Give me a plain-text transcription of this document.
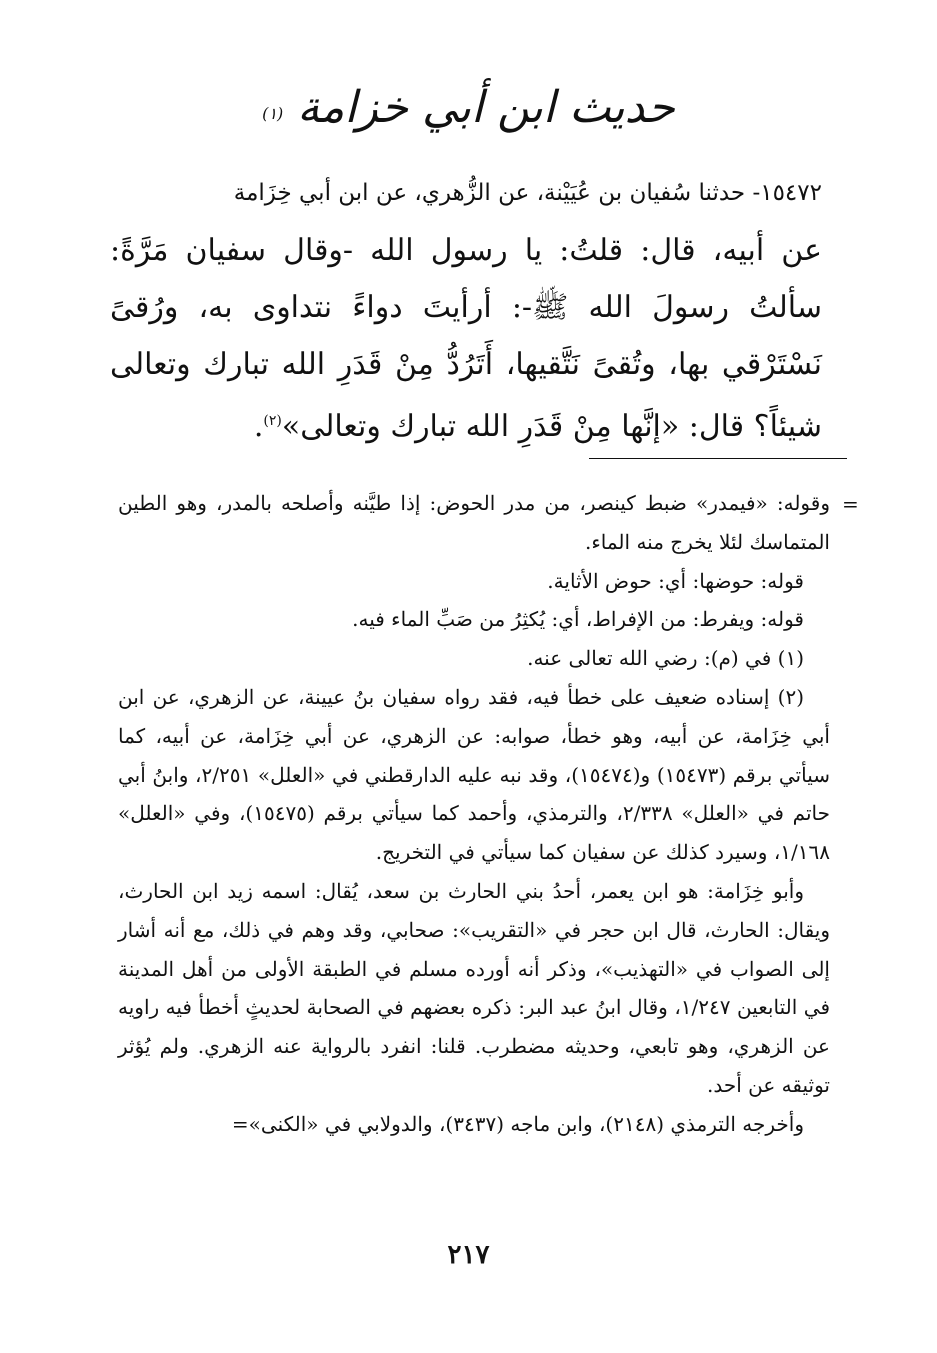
حديث ابن أبي خزامة $^{(١)}$

١٥٤٧٢- حدثنا سُفيان بن عُيَيْنة، عن الزُّهري، عن ابن أبي خِزَامة

عن أبيه، قال: قلتُ: يا رسول الله -وقال سفيان مَرَّةً: سألتُ رسولَ الله ﷺ-: أرأيتَ دواءً نتداوى به، ورُقىً نَسْتَرْقي بها، وتُقىً نَتَّقيها، أَتَرُدُّ مِنْ قَدَرِ الله تبارك وتعالى شيئاً؟ قال: «إنَّها مِنْ قَدَرِ الله تبارك وتعالى»$^{(٢)}$.

=

وقوله: «فيمدر» ضبط كينصر، من مدر الحوض: إذا طيَّنه وأصلحه بالمدر، وهو الطين المتماسك لئلا يخرج منه الماء.

قوله: حوضها: أي: حوض الأثاية.

قوله: ويفرط: من الإفراط، أي: يُكثِرُ من صَبِّ الماء فيه.

(١) في (م): رضي الله تعالى عنه.

(٢) إسناده ضعيف على خطأ فيه، فقد رواه سفيان بنُ عيينة، عن الزهري، عن ابن أبي خِزَامة، عن أبيه، وهو خطأ، صوابه: عن الزهري، عن أبي خِزَامة، عن أبيه، كما سيأتي برقم (١٥٤٧٣) و(١٥٤٧٤)، وقد نبه عليه الدارقطني في «العلل» ٢/٢٥١، وابنُ أبي حاتم في «العلل» ٢/٣٣٨، والترمذي، وأحمد كما سيأتي برقم (١٥٤٧٥)، وفي «العلل» ١/١٦٨، وسيرد كذلك عن سفيان كما سيأتي في التخريج.

وأبو خِزَامة: هو ابن يعمر، أحدُ بني الحارث بن سعد، يُقال: اسمه زيد ابن الحارث، ويقال: الحارث، قال ابن حجر في «التقريب»: صحابي، وقد وهم في ذلك، مع أنه أشار إلى الصواب في «التهذيب»، وذكر أنه أورده مسلم في الطبقة الأولى من أهل المدينة في التابعين ١/٢٤٧، وقال ابنُ عبد البر: ذكره بعضهم في الصحابة لحديثٍ أخطأ فيه راويه عن الزهري، وهو تابعي، وحديثه مضطرب. قلنا: انفرد بالرواية عنه الزهري. ولم يُؤثر توثيقه عن أحد.

وأخرجه الترمذي (٢١٤٨)، وابن ماجه (٣٤٣٧)، والدولابي في «الكنى»=

٢١٧
